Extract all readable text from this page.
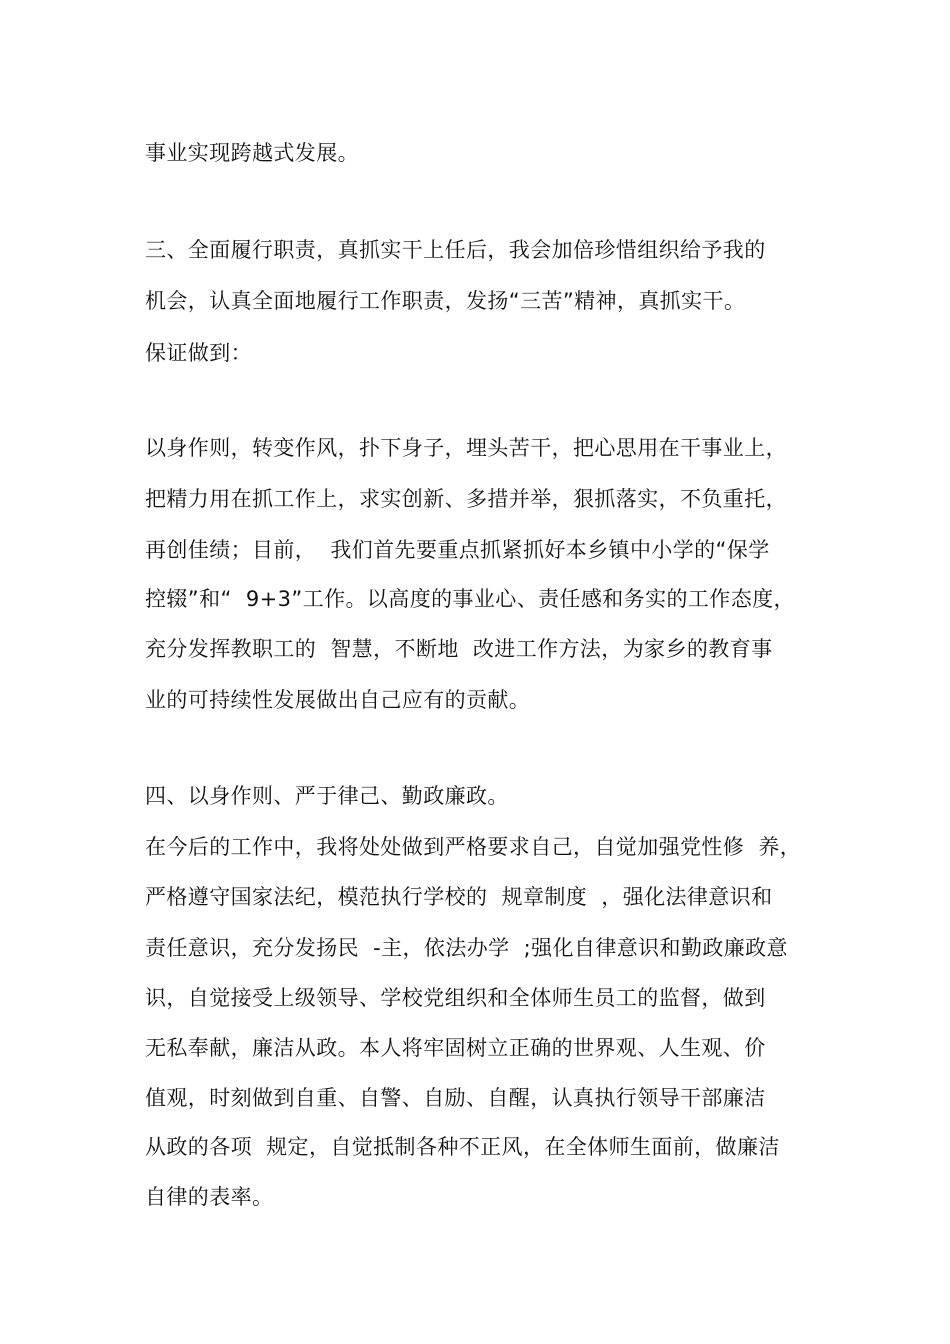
事业实现跨越式发展。
三、全面履行职责，真抓实干上任后，我会加倍珍惜组织给予我的
机会，认真全面地履行工作职责，发扬“三苦”精神，真抓实干。
保证做到：
以身作则，转变作风，扑下身子，埋头苦干，把心思用在干事业上，
把精力用在抓工作上，求实创新、多措并举，狠抓落实，不负重托，
再创佳绩；目前，  我们首先要重点抓紧抓好本乡镇中小学的“保学
控辍”和“  9+3”工作。以高度的事业心、责任感和务实的工作态度，
充分发挥教职工的  智慧，不断地  改进工作方法，为家乡的教育事
业的可持续性发展做出自己应有的贡献。
四、以身作则、严于律己、勤政廉政。
在今后的工作中，我将处处做到严格要求自己，自觉加强党性修  养，
严格遵守国家法纪，模范执行学校的  规章制度  ，强化法律意识和
责任意识，充分发扬民  -主，依法办学  ;强化自律意识和勤政廉政意
识，自觉接受上级领导、学校党组织和全体师生员工的监督，做到
无私奉献，廉洁从政。本人将牢固树立正确的世界观、人生观、价
值观，时刻做到自重、自警、自励、自醒，认真执行领导干部廉洁
从政的各项  规定，自觉抵制各种不正风，在全体师生面前，做廉洁
自律的表率。
